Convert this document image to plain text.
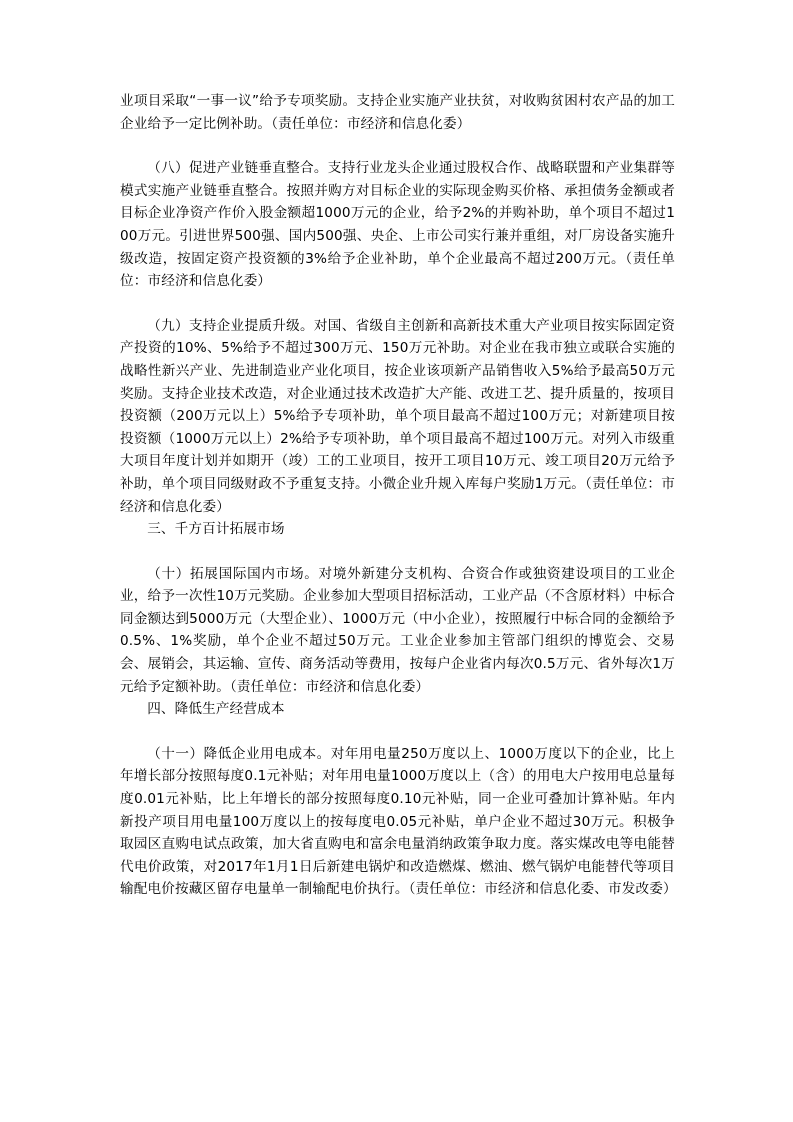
业项目采取“一事一议”给予专项奖励。支持企业实施产业扶贫，对收购贫困村农产品的加工企业给予一定比例补助。（责任单位：市经济和信息化委）

（八）促进产业链垂直整合。支持行业龙头企业通过股权合作、战略联盟和产业集群等模式实施产业链垂直整合。按照并购方对目标企业的实际现金购买价格、承担债务金额或者目标企业净资产作价入股金额超1000万元的企业，给予2%的并购补助，单个项目不超过100万元。引进世界500强、国内500强、央企、上市公司实行兼并重组，对厂房设备实施升级改造，按固定资产投资额的3%给予企业补助，单个企业最高不超过200万元。（责任单位：市经济和信息化委）

（九）支持企业提质升级。对国、省级自主创新和高新技术重大产业项目按实际固定资产投资的10%、5%给予不超过300万元、150万元补助。对企业在我市独立或联合实施的战略性新兴产业、先进制造业产业化项目，按企业该项新产品销售收入5%给予最高50万元奖励。支持企业技术改造，对企业通过技术改造扩大产能、改进工艺、提升质量的，按项目投资额（200万元以上）5%给予专项补助，单个项目最高不超过100万元；对新建项目按投资额（1000万元以上）2%给予专项补助，单个项目最高不超过100万元。对列入市级重大项目年度计划并如期开（竣）工的工业项目，按开工项目10万元、竣工项目20万元给予补助，单个项目同级财政不予重复支持。小微企业升规入库每户奖励1万元。（责任单位：市经济和信息化委）

三、千方百计拓展市场

（十）拓展国际国内市场。对境外新建分支机构、合资合作或独资建设项目的工业企业，给予一次性10万元奖励。企业参加大型项目招标活动，工业产品（不含原材料）中标合同金额达到5000万元（大型企业）、1000万元（中小企业），按照履行中标合同的金额给予0.5%、1%奖励，单个企业不超过50万元。工业企业参加主管部门组织的博览会、交易会、展销会，其运输、宣传、商务活动等费用，按每户企业省内每次0.5万元、省外每次1万元给予定额补助。（责任单位：市经济和信息化委）

四、降低生产经营成本

（十一）降低企业用电成本。对年用电量250万度以上、1000万度以下的企业，比上年增长部分按照每度0.1元补贴；对年用电量1000万度以上（含）的用电大户按用电总量每度0.01元补贴，比上年增长的部分按照每度0.10元补贴，同一企业可叠加计算补贴。年内新投产项目用电量100万度以上的按每度电0.05元补贴，单户企业不超过30万元。积极争取园区直购电试点政策，加大省直购电和富余电量消纳政策争取力度。落实煤改电等电能替代电价政策，对2017年1月1日后新建电锅炉和改造燃煤、燃油、燃气锅炉电能替代等项目输配电价按藏区留存电量单一制输配电价执行。（责任单位：市经济和信息化委、市发改委）
